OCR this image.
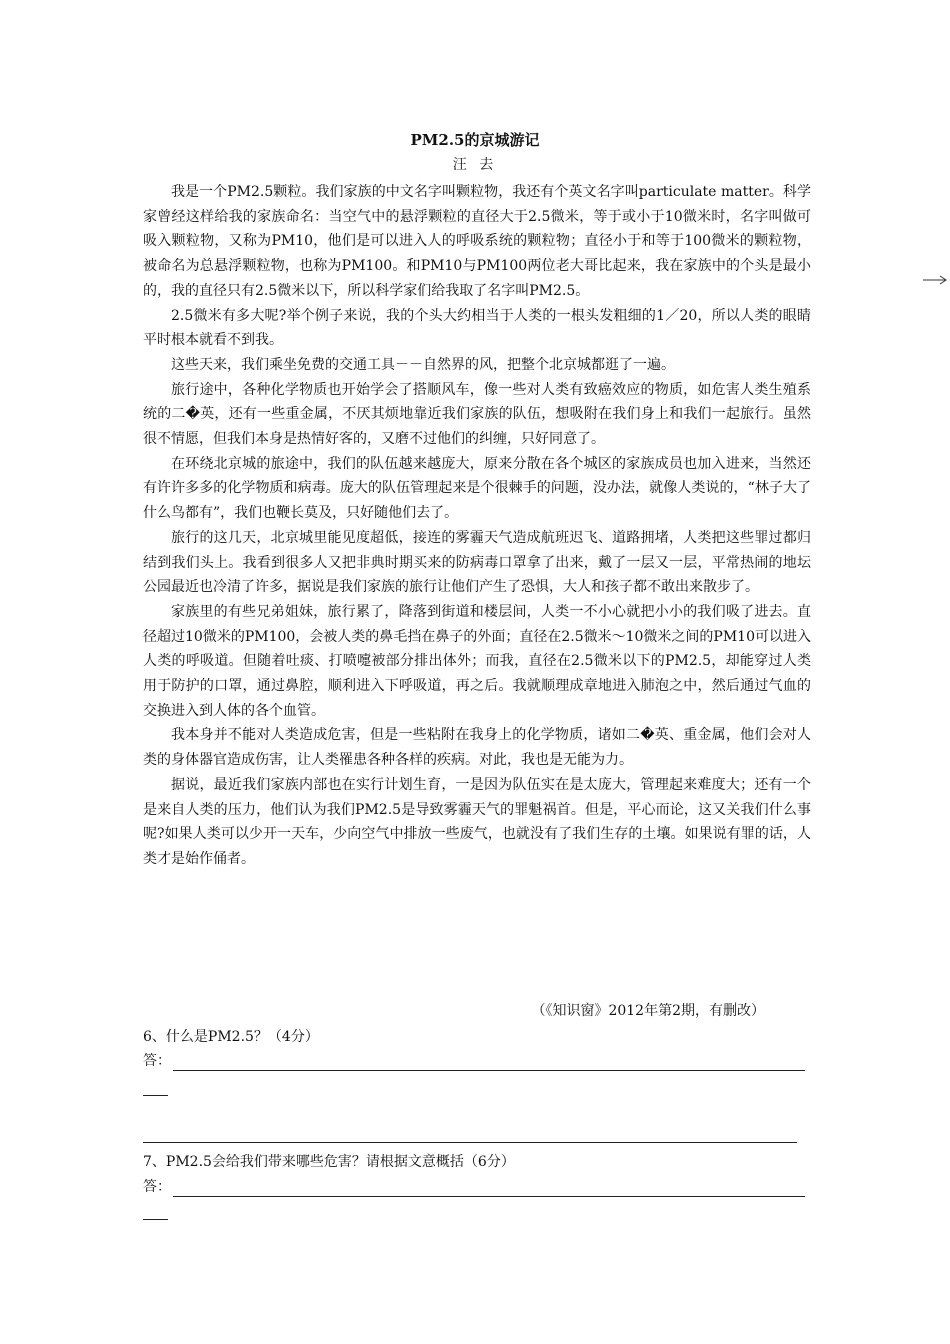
PM2.5的京城游记
汪 去

我是一个PM2.5颗粒。我们家族的中文名字叫颗粒物，我还有个英文名字叫particulate matter。科学家曾经这样给我的家族命名：当空气中的悬浮颗粒的直径大于2.5微米，等于或小于10微米时，名字叫做可吸入颗粒物，又称为PM10，他们是可以进入人的呼吸系统的颗粒物；直径小于和等于100微米的颗粒物，被命名为总悬浮颗粒物，也称为PM100。和PM10与PM100两位老大哥比起来，我在家族中的个头是最小的，我的直径只有2.5微米以下，所以科学家们给我取了名字叫PM2.5。

2.5微米有多大呢?举个例子来说，我的个头大约相当于人类的一根头发粗细的1／20，所以人类的眼睛平时根本就看不到我。

这些天来，我们乘坐免费的交通工具－－自然界的风，把整个北京城都逛了一遍。

旅行途中，各种化学物质也开始学会了搭顺风车，像一些对人类有致癌效应的物质，如危害人类生殖系统的二�英，还有一些重金属，不厌其烦地靠近我们家族的队伍，想吸附在我们身上和我们一起旅行。虽然很不情愿，但我们本身是热情好客的，又磨不过他们的纠缠，只好同意了。

在环绕北京城的旅途中，我们的队伍越来越庞大，原来分散在各个城区的家族成员也加入进来，当然还有许许多多的化学物质和病毒。庞大的队伍管理起来是个很棘手的问题，没办法，就像人类说的，“林子大了什么鸟都有”，我们也鞭长莫及，只好随他们去了。

旅行的这几天，北京城里能见度超低，接连的雾霾天气造成航班迟飞、道路拥堵，人类把这些罪过都归结到我们头上。我看到很多人又把非典时期买来的防病毒口罩拿了出来，戴了一层又一层，平常热闹的地坛公园最近也冷清了许多，据说是我们家族的旅行让他们产生了恐惧，大人和孩子都不敢出来散步了。

家族里的有些兄弟姐妹，旅行累了，降落到街道和楼层间，人类一不小心就把小小的我们吸了进去。直径超过10微米的PM100，会被人类的鼻毛挡在鼻子的外面；直径在2.5微米～10微米之间的PM10可以进入人类的呼吸道。但随着吐痰、打喷嚏被部分排出体外；而我，直径在2.5微米以下的PM2.5，却能穿过人类用于防护的口罩，通过鼻腔，顺利进入下呼吸道，再之后。我就顺理成章地进入肺泡之中，然后通过气血的交换进入到人体的各个血管。

我本身并不能对人类造成危害，但是一些粘附在我身上的化学物质，诸如二�英、重金属，他们会对人类的身体器官造成伤害，让人类罹患各种各样的疾病。对此，我也是无能为力。

据说，最近我们家族内部也在实行计划生育，一是因为队伍实在是太庞大，管理起来难度大；还有一个是来自人类的压力，他们认为我们PM2.5是导致雾霾天气的罪魁祸首。但是，平心而论，这又关我们什么事呢?如果人类可以少开一天车，少向空气中排放一些废气，也就没有了我们生存的土壤。如果说有罪的话，人类才是始作俑者。

（《知识窗》2012年第2期，有删改）
6、什么是PM2.5？（4分）
答：
7、PM2.5会给我们带来哪些危害？请根据文意概括（6分）
答：
